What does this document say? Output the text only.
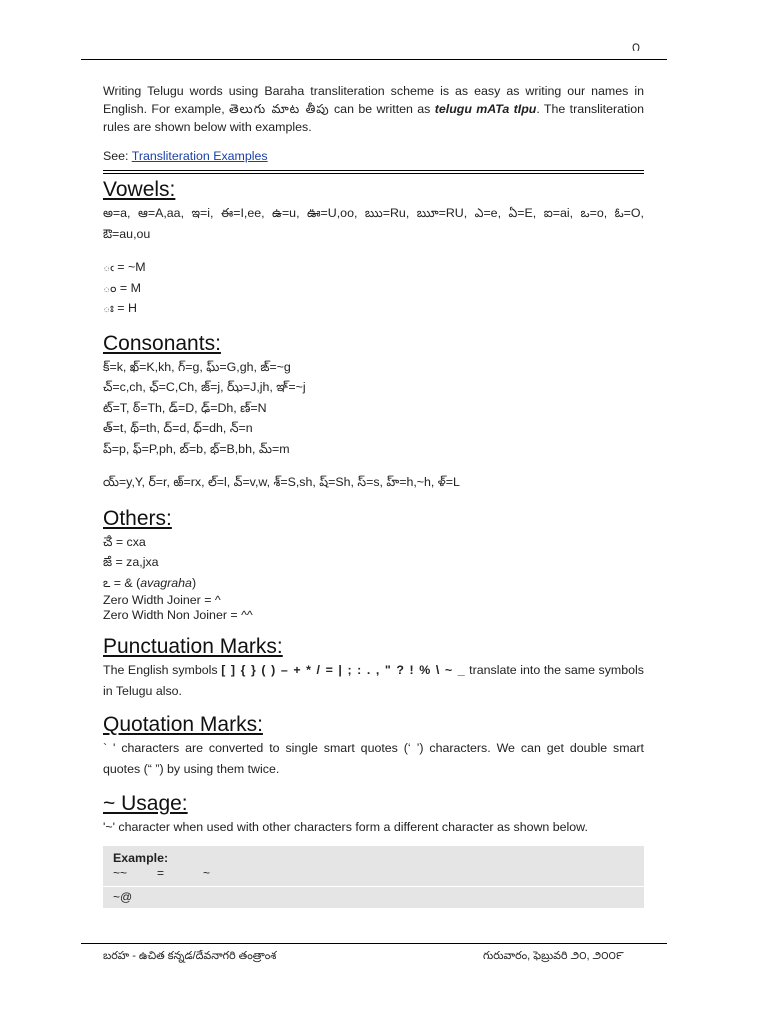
౧
Writing Telugu words using Baraha transliteration scheme is as easy as writing our names in English. For example, తెలుగు మాట తీపు can be written as telugu mATa tIpu. The transliteration rules are shown below with examples.
See: Transliteration Examples
Vowels:
అ=a, ఆ=A,aa, ఇ=i, ఈ=I,ee, ఉ=u, ఊ=U,oo, ఋ=Ru, ౠ=RU, ఎ=e, ఏ=E, ఐ=ai, ఒ=o, ఓ=O, ఔ=au,ou
ఁ = ~M
ం = M
ః = H
Consonants:
క్=k, ఖ్=K,kh, గ్=g, ఘ్=G,gh, ఙ్=~g
చ్=c,ch, ఛ్=C,Ch, జ్=j, ఝ్=J,jh, ఞ్=~j
ట్=T, ఠ్=Th, డ్=D, ఢ్=Dh, ణ్=N
త్=t, థ్=th, ద్=d, ధ్=dh, న్=n
ప్=p, ఫ్=P,ph, బ్=b, భ్=B,bh, మ్=m
య్=y,Y, ర్=r, ఱ్=rx, ల్=l, వ్=v,w, శ్=S,sh, ష్=Sh, స్=s, హ్=h,~h, ళ్=L
Others:
ౘ = cxa
ౙ = za,jxa
ఽ = & (avagraha)
Zero Width Joiner = ^
Zero Width Non Joiner = ^^
Punctuation Marks:
The English symbols [ ] { } ( ) – + * / = | ; : . , " ? ! % \ ~ _ translate into the same symbols in Telugu also.
Quotation Marks:
` ' characters are converted to single smart quotes (‘ ’) characters. We can get double smart quotes (“ ”) by using them twice.
~ Usage:
'~' character when used with other characters form a different character as shown below.
Example:
~~	=	~
~@
బరహ - ఉచిత కన్నడ/దేవనాగరి తంత్రాంశ	గురువారం, ఫెబ్రువరి ౨౦, ౨౦౦౯
